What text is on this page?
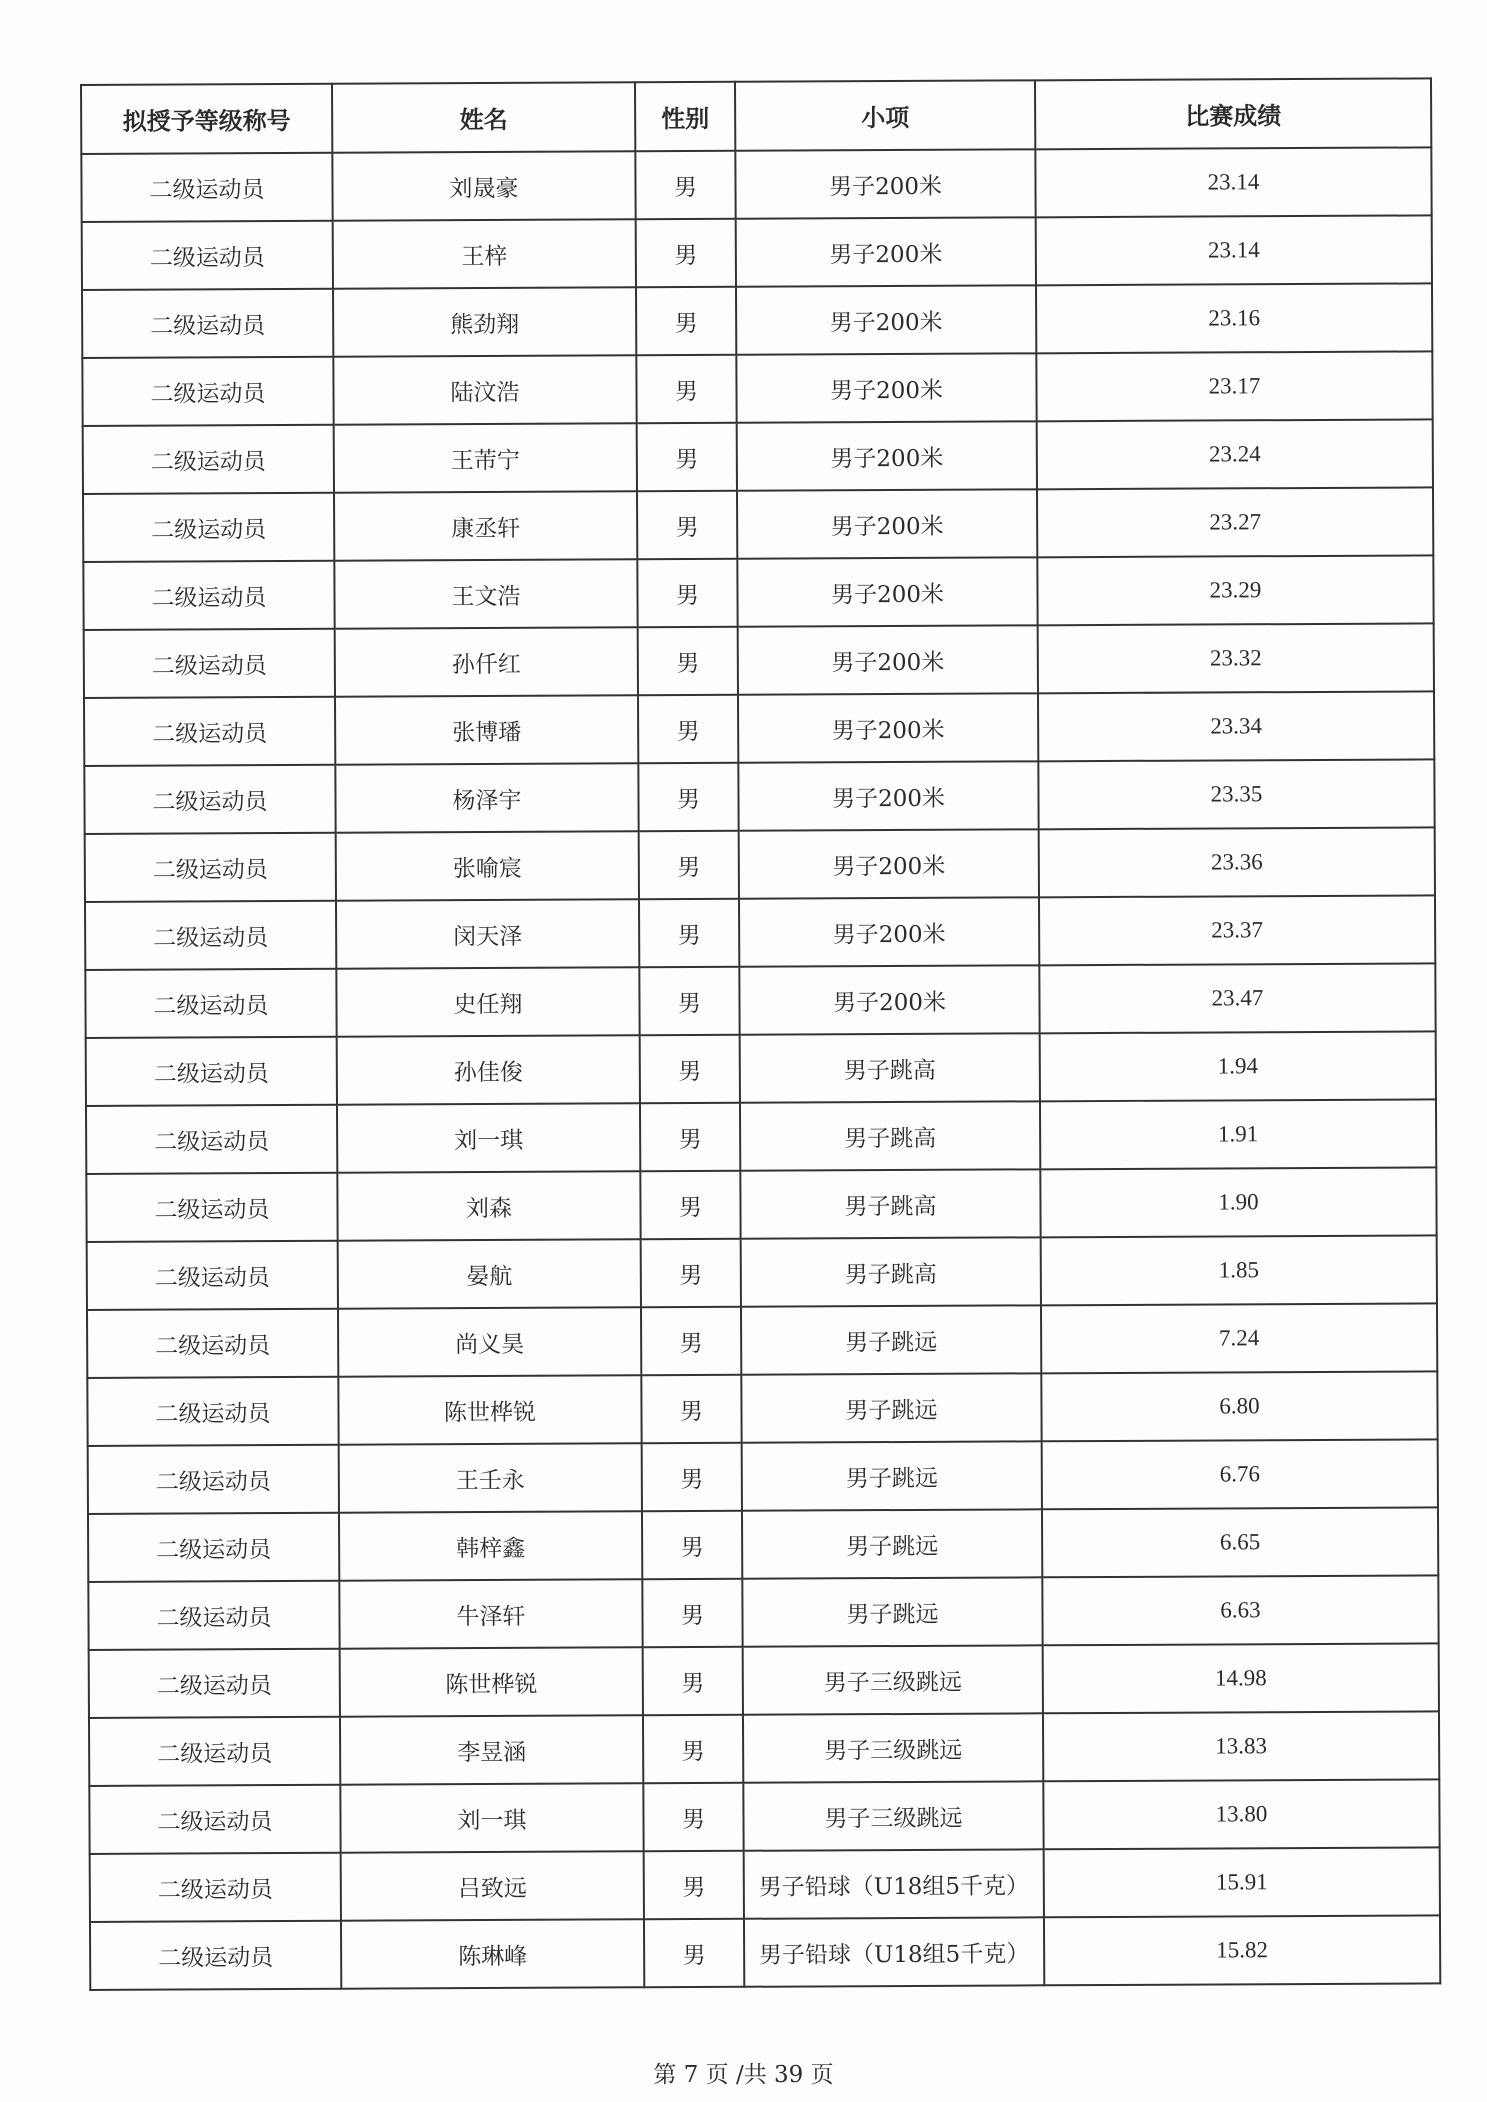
拟授予等级称号	姓名	性别	小项	比赛成绩
二级运动员	刘晟豪	男	男子200米	23.14
二级运动员	王梓	男	男子200米	23.14
二级运动员	熊劲翔	男	男子200米	23.16
二级运动员	陆汶浩	男	男子200米	23.17
二级运动员	王芾宁	男	男子200米	23.24
二级运动员	康丞轩	男	男子200米	23.27
二级运动员	王文浩	男	男子200米	23.29
二级运动员	孙仟红	男	男子200米	23.32
二级运动员	张博璠	男	男子200米	23.34
二级运动员	杨泽宇	男	男子200米	23.35
二级运动员	张喻宸	男	男子200米	23.36
二级运动员	闵天泽	男	男子200米	23.37
二级运动员	史任翔	男	男子200米	23.47
二级运动员	孙佳俊	男	男子跳高	1.94
二级运动员	刘一琪	男	男子跳高	1.91
二级运动员	刘森	男	男子跳高	1.90
二级运动员	晏航	男	男子跳高	1.85
二级运动员	尚义昊	男	男子跳远	7.24
二级运动员	陈世桦锐	男	男子跳远	6.80
二级运动员	王壬永	男	男子跳远	6.76
二级运动员	韩梓鑫	男	男子跳远	6.65
二级运动员	牛泽轩	男	男子跳远	6.63
二级运动员	陈世桦锐	男	男子三级跳远	14.98
二级运动员	李昱涵	男	男子三级跳远	13.83
二级运动员	刘一琪	男	男子三级跳远	13.80
二级运动员	吕致远	男	男子铅球（U18组5千克）	15.91
二级运动员	陈琳峰	男	男子铅球（U18组5千克）	15.82
第 7 页 /共 39 页
